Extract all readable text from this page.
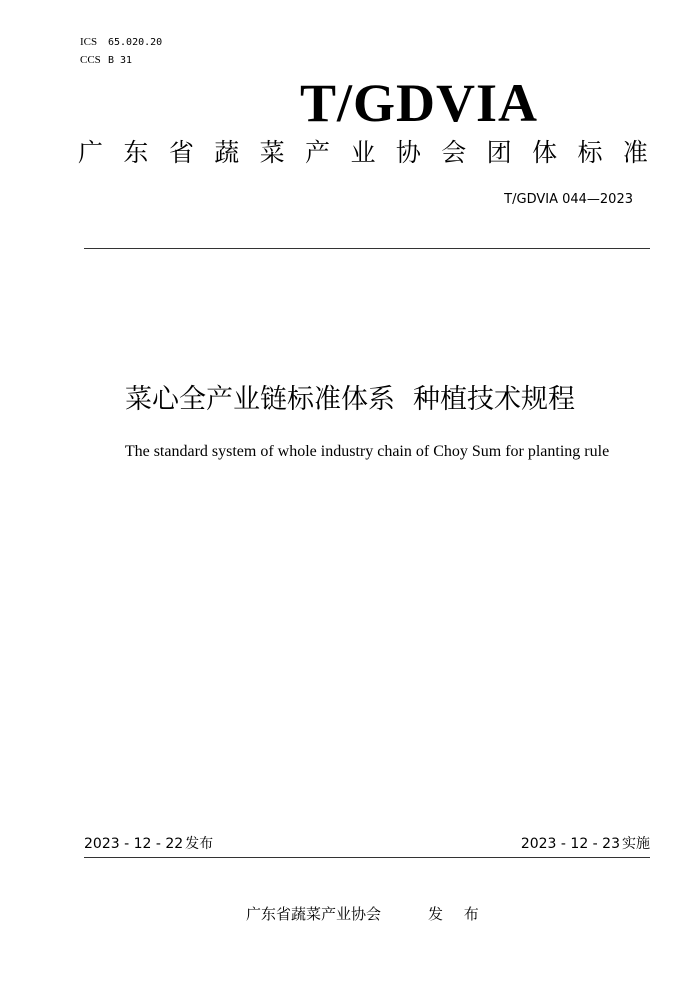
ICS 65.020.20
CCS B 31
T/GDVIA
广 东 省 蔬 菜 产 业 协 会 团 体 标 准
T/GDVIA 044—2023
菜心全产业链标准体系 种植技术规程
The standard system of whole industry chain of Choy Sum for planting rule
2023 - 12 - 22 发布	2023 - 12 - 23 实施
广东省蔬菜产业协会	发 布
